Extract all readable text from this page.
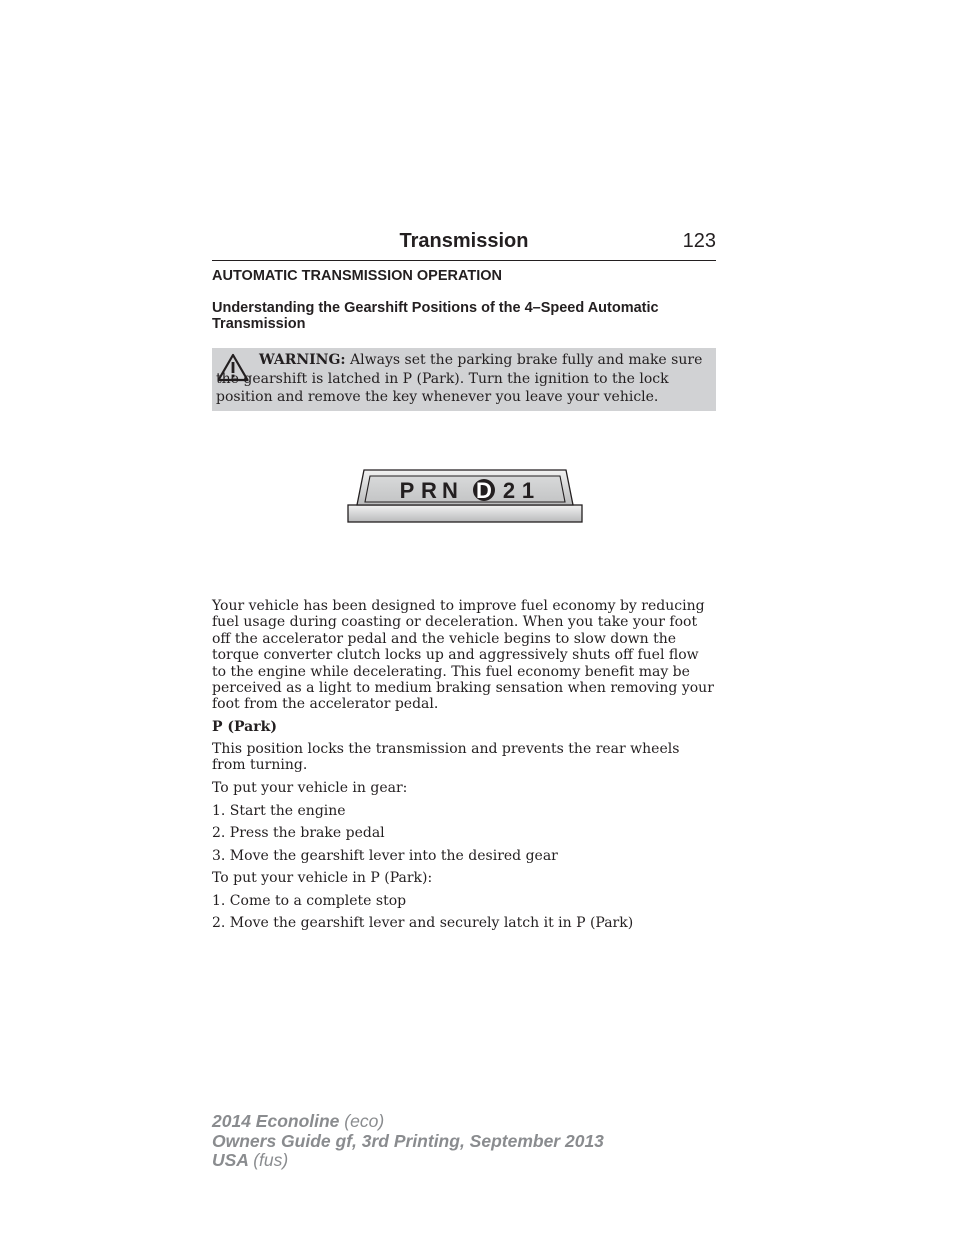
Transmission	123
AUTOMATIC TRANSMISSION OPERATION
Understanding the Gearshift Positions of the 4–Speed Automatic Transmission

WARNING: Always set the parking brake fully and make sure the gearshift is latched in P (Park). Turn the ignition to the lock position and remove the key whenever you leave your vehicle.

P R N D 2 1

Your vehicle has been designed to improve fuel economy by reducing fuel usage during coasting or deceleration. When you take your foot off the accelerator pedal and the vehicle begins to slow down the torque converter clutch locks up and aggressively shuts off fuel flow to the engine while decelerating. This fuel economy benefit may be perceived as a light to medium braking sensation when removing your foot from the accelerator pedal.

P (Park)

This position locks the transmission and prevents the rear wheels from turning.

To put your vehicle in gear:
1. Start the engine
2. Press the brake pedal
3. Move the gearshift lever into the desired gear
To put your vehicle in P (Park):
1. Come to a complete stop
2. Move the gearshift lever and securely latch it in P (Park)
2014 Econoline (eco)
Owners Guide gf, 3rd Printing, September 2013
USA (fus)
